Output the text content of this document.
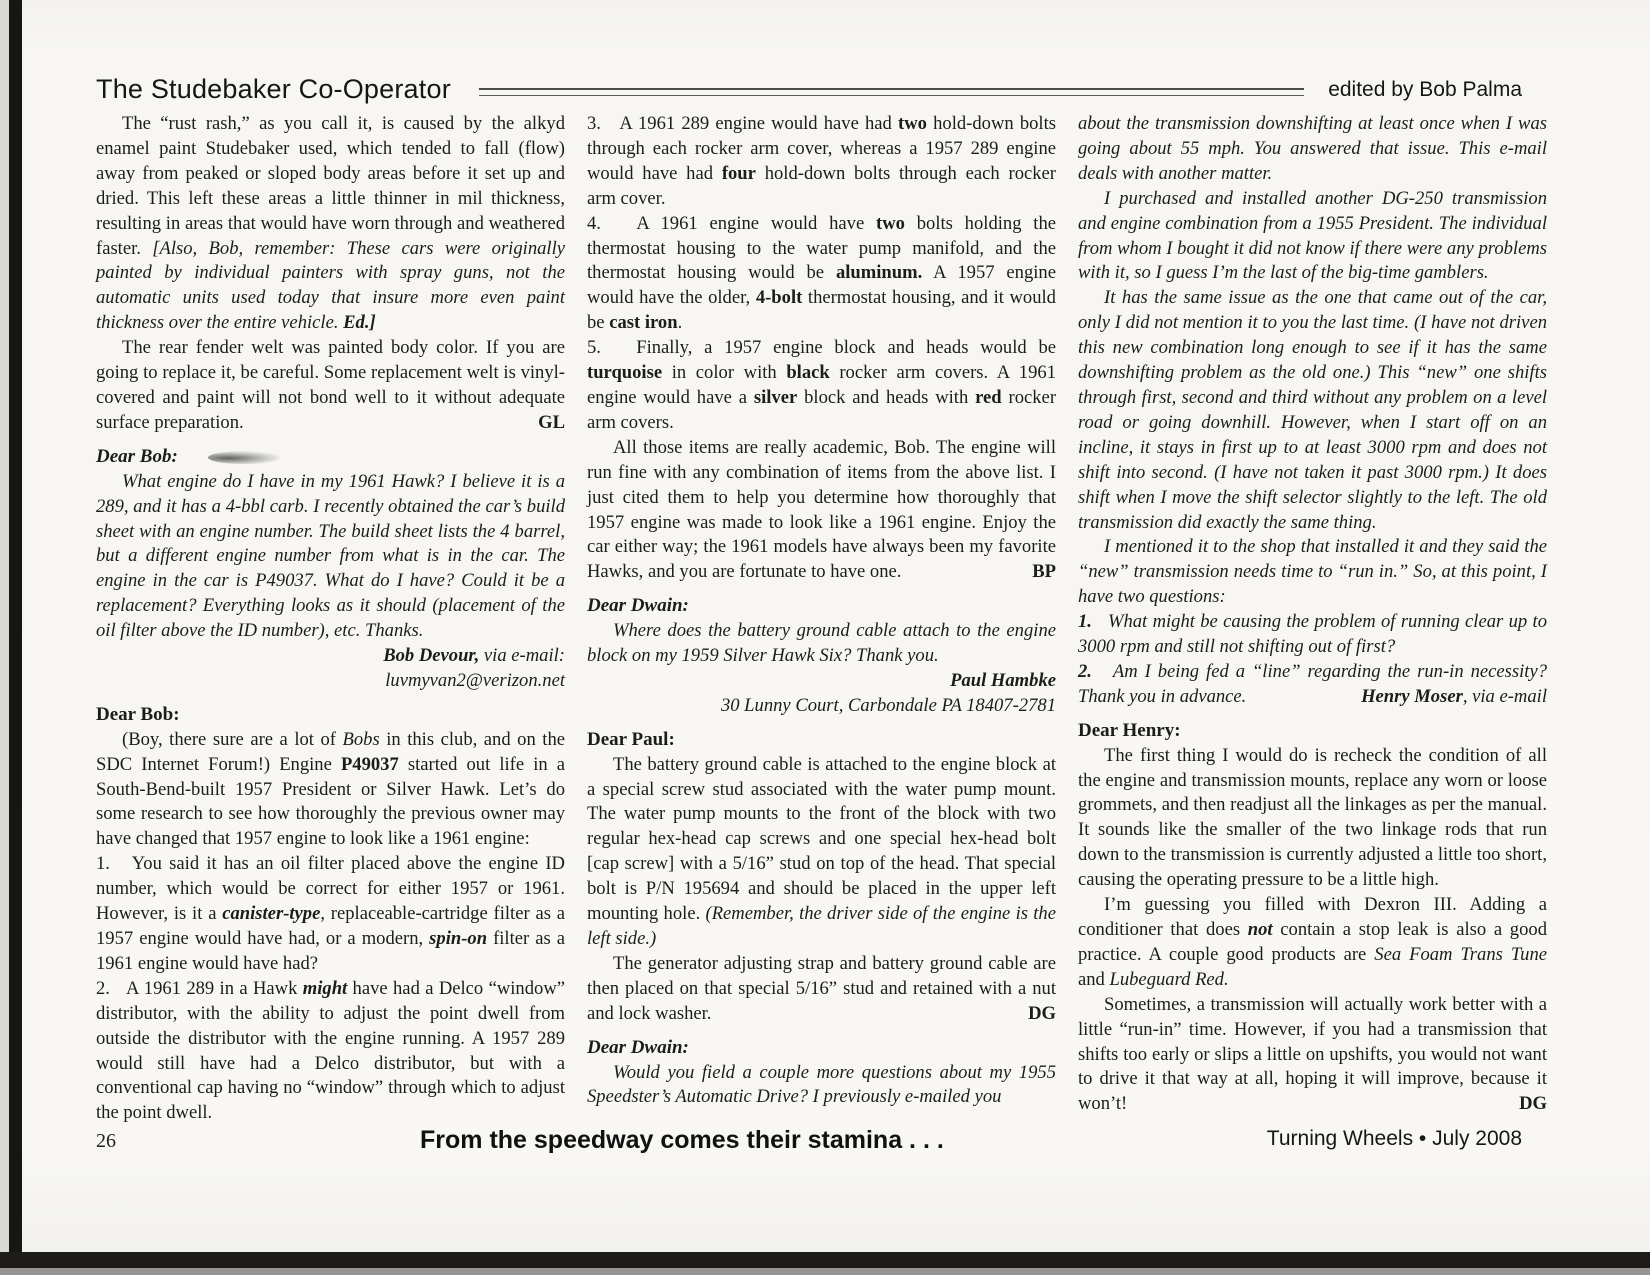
The Studebaker Co-Operator	edited by Bob Palma

The “rust rash,” as you call it, is caused by the alkyd enamel paint Studebaker used, which tended to fall (flow) away from peaked or sloped body areas before it set up and dried. This left these areas a little thinner in mil thickness, resulting in areas that would have worn through and weathered faster. [Also, Bob, remember: These cars were originally painted by individual painters with spray guns, not the automatic units used today that insure more even paint thickness over the entire vehicle. Ed.]

The rear fender welt was painted body color. If you are going to replace it, be careful. Some replacement welt is vinyl-covered and paint will not bond well to it without adequate surface preparation.	GL

Dear Bob:

What engine do I have in my 1961 Hawk? I believe it is a 289, and it has a 4-bbl carb. I recently obtained the car’s build sheet with an engine number. The build sheet lists the 4 barrel, but a different engine number from what is in the car. The engine in the car is P49037. What do I have? Could it be a replacement? Everything looks as it should (placement of the oil filter above the ID number), etc. Thanks.

Bob Devour, via e-mail:

luvmyvan2@verizon.net

Dear Bob:

(Boy, there sure are a lot of Bobs in this club, and on the SDC Internet Forum!) Engine P49037 started out life in a South-Bend-built 1957 President or Silver Hawk. Let’s do some research to see how thoroughly the previous owner may have changed that 1957 engine to look like a 1961 engine:

1.   You said it has an oil filter placed above the engine ID number, which would be correct for either 1957 or 1961. However, is it a canister-type, replaceable-cartridge filter as a 1957 engine would have had, or a modern, spin-on filter as a 1961 engine would have had?

2.   A 1961 289 in a Hawk might have had a Delco “window” distributor, with the ability to adjust the point dwell from outside the distributor with the engine running. A 1957 289 would still have had a Delco distributor, but with a conventional cap having no “window” through which to adjust the point dwell.

3.   A 1961 289 engine would have had two hold-down bolts through each rocker arm cover, whereas a 1957 289 engine would have had four hold-down bolts through each rocker arm cover.

4.   A 1961 engine would have two bolts holding the thermostat housing to the water pump manifold, and the thermostat housing would be aluminum. A 1957 engine would have the older, 4-bolt thermostat housing, and it would be cast iron.

5.   Finally, a 1957 engine block and heads would be turquoise in color with black rocker arm covers. A 1961 engine would have a silver block and heads with red rocker arm covers.

All those items are really academic, Bob. The engine will run fine with any combination of items from the above list. I just cited them to help you determine how thoroughly that 1957 engine was made to look like a 1961 engine. Enjoy the car either way; the 1961 models have always been my favorite Hawks, and you are fortunate to have one.	BP

Dear Dwain:

Where does the battery ground cable attach to the engine block on my 1959 Silver Hawk Six? Thank you.

Paul Hambke

30 Lunny Court, Carbondale PA 18407-2781

Dear Paul:

The battery ground cable is attached to the engine block at a special screw stud associated with the water pump mount. The water pump mounts to the front of the block with two regular hex-head cap screws and one special hex-head bolt [cap screw] with a 5/16” stud on top of the head. That special bolt is P/N 195694 and should be placed in the upper left mounting hole. (Remember, the driver side of the engine is the left side.)

The generator adjusting strap and battery ground cable are then placed on that special 5/16” stud and retained with a nut and lock washer.	DG

Dear Dwain:

Would you field a couple more questions about my 1955 Speedster’s Automatic Drive? I previously e-mailed you

about the transmission downshifting at least once when I was going about 55 mph. You answered that issue. This e-mail deals with another matter.

I purchased and installed another DG-250 transmission and engine combination from a 1955 President. The individual from whom I bought it did not know if there were any problems with it, so I guess I’m the last of the big-time gamblers.

It has the same issue as the one that came out of the car, only I did not mention it to you the last time. (I have not driven this new combination long enough to see if it has the same downshifting problem as the old one.) This “new” one shifts through first, second and third without any problem on a level road or going downhill. However, when I start off on an incline, it stays in first up to at least 3000 rpm and does not shift into second. (I have not taken it past 3000 rpm.) It does shift when I move the shift selector slightly to the left. The old transmission did exactly the same thing.

I mentioned it to the shop that installed it and they said the “new” transmission needs time to “run in.” So, at this point, I have two questions:

1.   What might be causing the problem of running clear up to 3000 rpm and still not shifting out of first?

2.   Am I being fed a “line” regarding the run-in necessity? Thank you in advance.	Henry Moser, via e-mail

Dear Henry:

The first thing I would do is recheck the condition of all the engine and transmission mounts, replace any worn or loose grommets, and then readjust all the linkages as per the manual. It sounds like the smaller of the two linkage rods that run down to the transmission is currently adjusted a little too short, causing the operating pressure to be a little high.

I’m guessing you filled with Dexron III. Adding a conditioner that does not contain a stop leak is also a good practice. A couple good products are Sea Foam Trans Tune and Lubeguard Red.

Sometimes, a transmission will actually work better with a little “run-in” time. However, if you had a transmission that shifts too early or slips a little on upshifts, you would not want to drive it that way at all, hoping it will improve, because it won’t!	DG

26	From the speedway comes their stamina . . .	Turning Wheels • July 2008
